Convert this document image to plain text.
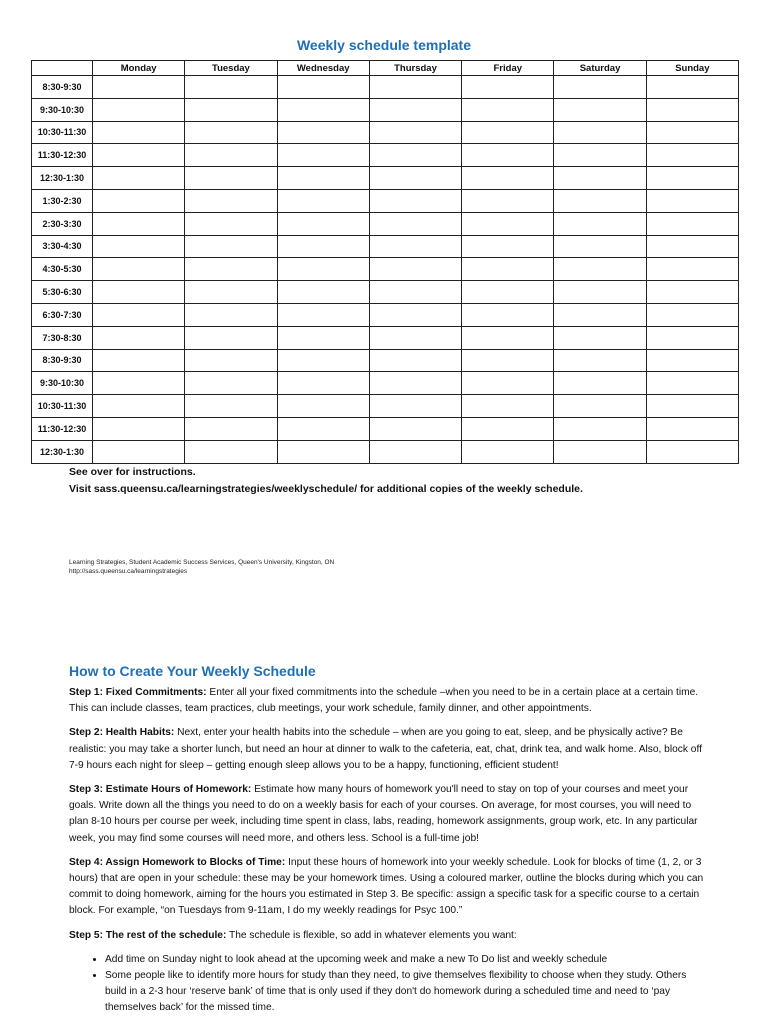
Weekly schedule template
	Monday	Tuesday	Wednesday	Thursday	Friday	Saturday	Sunday
8:30-9:30							
9:30-10:30							
10:30-11:30							
11:30-12:30							
12:30-1:30							
1:30-2:30							
2:30-3:30							
3:30-4:30							
4:30-5:30							
5:30-6:30							
6:30-7:30							
7:30-8:30							
8:30-9:30							
9:30-10:30							
10:30-11:30							
11:30-12:30							
12:30-1:30							
See over for instructions.
Visit sass.queensu.ca/learningstrategies/weeklyschedule/ for additional copies of the weekly schedule.
Learning Strategies, Student Academic Success Services, Queen's University, Kingston, ON
http://sass.queensu.ca/learningstrategies
How to Create Your Weekly Schedule

Step 1: Fixed Commitments: Enter all your fixed commitments into the schedule –when you need to be in a certain place at a certain time. This can include classes, team practices, club meetings, your work schedule, family dinner, and other appointments.

Step 2: Health Habits: Next, enter your health habits into the schedule – when are you going to eat, sleep, and be physically active? Be realistic: you may take a shorter lunch, but need an hour at dinner to walk to the cafeteria, eat, chat, drink tea, and walk home. Also, block off 7-9 hours each night for sleep – getting enough sleep allows you to be a happy, functioning, efficient student!

Step 3: Estimate Hours of Homework: Estimate how many hours of homework you'll need to stay on top of your courses and meet your goals. Write down all the things you need to do on a weekly basis for each of your courses. On average, for most courses, you will need to plan 8-10 hours per course per week, including time spent in class, labs, reading, homework assignments, group work, etc. In any particular week, you may find some courses will need more, and others less. School is a full-time job!

Step 4: Assign Homework to Blocks of Time: Input these hours of homework into your weekly schedule. Look for blocks of time (1, 2, or 3 hours) that are open in your schedule: these may be your homework times. Using a coloured marker, outline the blocks during which you can commit to doing homework, aiming for the hours you estimated in Step 3. Be specific: assign a specific task for a specific course to a certain block. For example, “on Tuesdays from 9-11am, I do my weekly readings for Psyc 100.”

Step 5: The rest of the schedule: The schedule is flexible, so add in whatever elements you want:

• Add time on Sunday night to look ahead at the upcoming week and make a new To Do list and weekly schedule
• Some people like to identify more hours for study than they need, to give themselves flexibility to choose when they study. Others build in a 2-3 hour ‘reserve bank’ of time that is only used if they don't do homework during a scheduled time and need to ‘pay themselves back’ for the missed time.
